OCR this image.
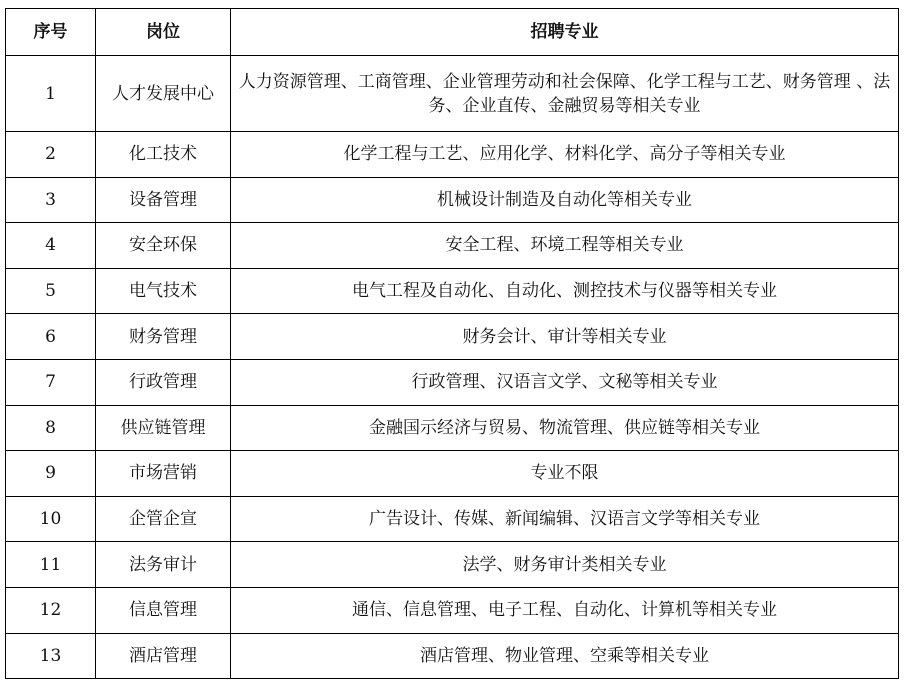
序号	岗位	招聘专业
1	人才发展中心	人力资源管理、工商管理、企业管理劳动和社会保障、化学工程与工艺、财务管理 、法务、企业直传、金融贸易等相关专业
2	化工技术	化学工程与工艺、应用化学、材料化学、高分子等相关专业
3	设备管理	机械设计制造及自动化等相关专业
4	安全环保	安全工程、环境工程等相关专业
5	电气技术	电气工程及自动化、自动化、测控技术与仪器等相关专业
6	财务管理	财务会计、审计等相关专业
7	行政管理	行政管理、汉语言文学、文秘等相关专业
8	供应链管理	金融国示经济与贸易、物流管理、供应链等相关专业
9	市场营销	专业不限
10	企管企宣	广告设计、传媒、新闻编辑、汉语言文学等相关专业
11	法务审计	法学、财务审计类相关专业
12	信息管理	通信、信息管理、电子工程、自动化、计算机等相关专业
13	酒店管理	酒店管理、物业管理、空乘等相关专业
